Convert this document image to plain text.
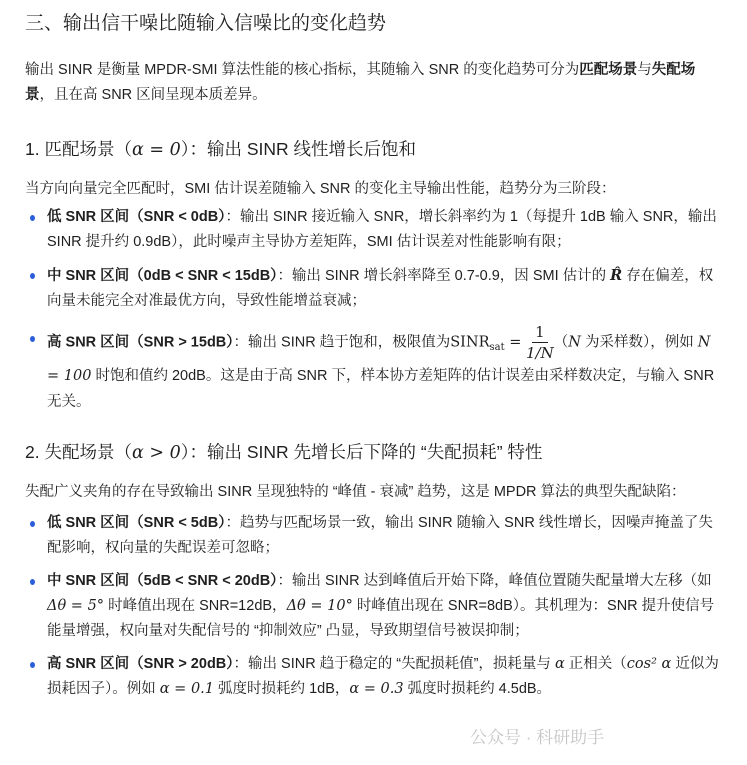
三、输出信干噪比随输入信噪比的变化趋势

输出 SINR 是衡量 MPDR-SMI 算法性能的核心指标，其随输入 SNR 的变化趋势可分为匹配场景与失配场景，且在高 SNR 区间呈现本质差异。

1. 匹配场景（α = 0）：输出 SINR 线性增长后饱和

当方向向量完全匹配时，SMI 估计误差随输入 SNR 的变化主导输出性能，趋势分为三阶段：

低 SNR 区间（SNR < 0dB）：输出 SINR 接近输入 SNR，增长斜率约为 1（每提升 1dB 输入 SNR，输出 SINR 提升约 0.9dB），此时噪声主导协方差矩阵，SMI 估计误差对性能影响有限；
中 SNR 区间（0dB < SNR < 15dB）：输出 SINR 增长斜率降至 0.7-0.9，因 SMI 估计的 R̂ 存在偏差，权向量未能完全对准最优方向，导致性能增益衰减；
高 SNR 区间（SNR > 15dB）：输出 SINR 趋于饱和，极限值为$SINR_{sat} = \frac{1}{1/N} (N$ 为采样数），例如 N = 100 时饱和值约 20dB。这是由于高 SNR 下，样本协方差矩阵的估计误差由采样数决定，与输入 SNR 无关。
2. 失配场景（α > 0）：输出 SINR 先增长后下降的 “失配损耗” 特性

失配广义夹角的存在导致输出 SINR 呈现独特的 “峰值 - 衰减” 趋势，这是 MPDR 算法的典型失配缺陷：

低 SNR 区间（SNR < 5dB）：趋势与匹配场景一致，输出 SINR 随输入 SNR 线性增长，因噪声掩盖了失配影响，权向量的失配误差可忽略；
中 SNR 区间（5dB < SNR < 20dB）：输出 SINR 达到峰值后开始下降，峰值位置随失配量增大左移（如 Δθ = 5° 时峰值出现在 SNR=12dB，Δθ = 10° 时峰值出现在 SNR=8dB）。其机理为：SNR 提升使信号能量增强，权向量对失配信号的 “抑制效应” 凸显，导致期望信号被误抑制；
高 SNR 区间（SNR > 20dB）：输出 SINR 趋于稳定的 “失配损耗值”，损耗量与 α 正相关（cos² α 近似为损耗因子）。例如 α = 0.1 弧度时损耗约 1dB，α = 0.3 弧度时损耗约 4.5dB。
公众号 · 科研助手
